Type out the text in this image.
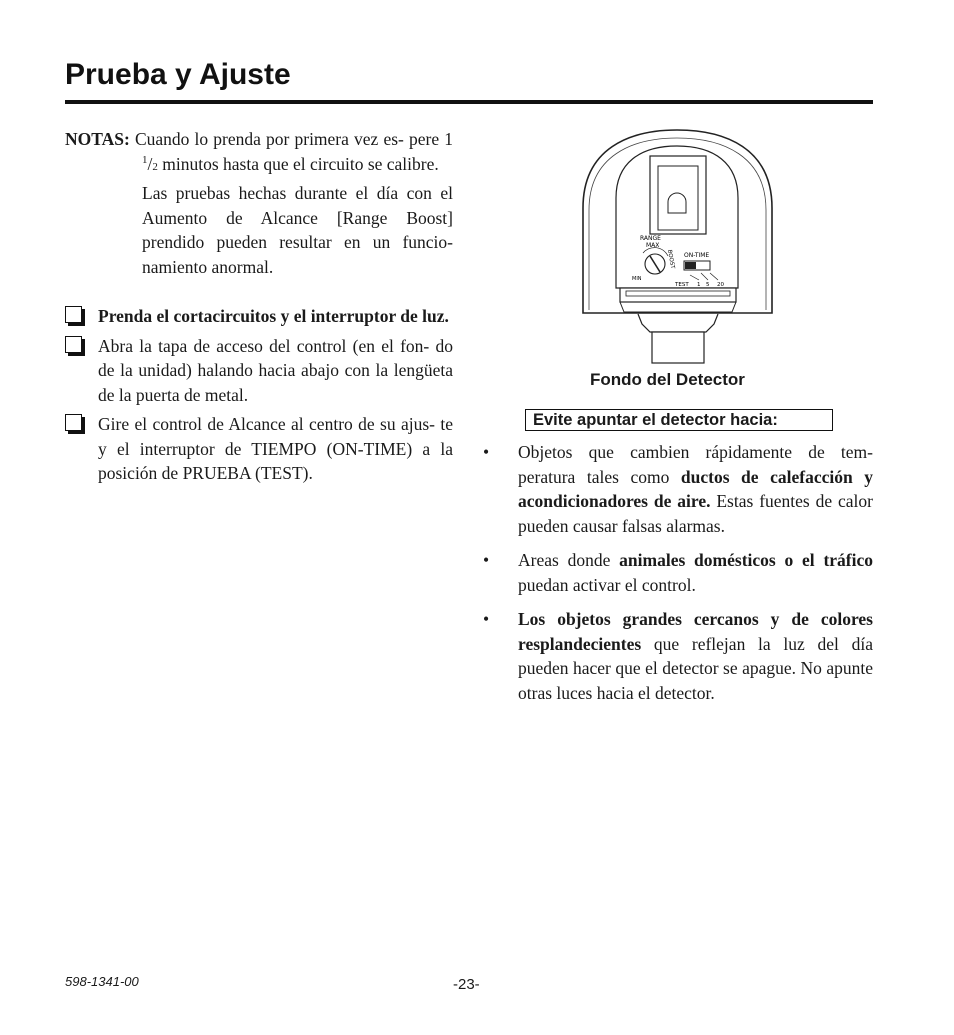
Prueba y Ajuste

NOTAS: Cuando lo prenda por primera vez es- pere 1 $^1$/2 minutos hasta que el circuito se calibre.

Las pruebas hechas durante el día con el Aumento de Alcance [Range Boost] prendido pueden resultar en un funcio- namiento anormal.

Prenda el cortacircuitos y el interruptor de luz.
Abra la tapa de acceso del control (en el fon- do de la unidad) halando hacia abajo con la lengüeta de la puerta de metal.
Gire el control de Alcance al centro de su ajus- te y el interruptor de TIEMPO (ON-TIME) a la posición de PRUEBA (TEST).
RANGE
MAX
MIN
BOOST ON-TIME
TEST 1 5 20
Fondo del Detector
Evite apuntar el detector hacia:
• Objetos que cambien rápidamente de tem- peratura tales como ductos de calefacción y acondicionadores de aire. Estas fuentes de calor pueden causar falsas alarmas.
• Areas donde animales domésticos o el tráfico puedan activar el control.
• Los objetos grandes cercanos y de colores resplandecientes que reflejan la luz del día pueden hacer que el detector se apague. No apunte otras luces hacia el detector.
598-1341-00	-23-
